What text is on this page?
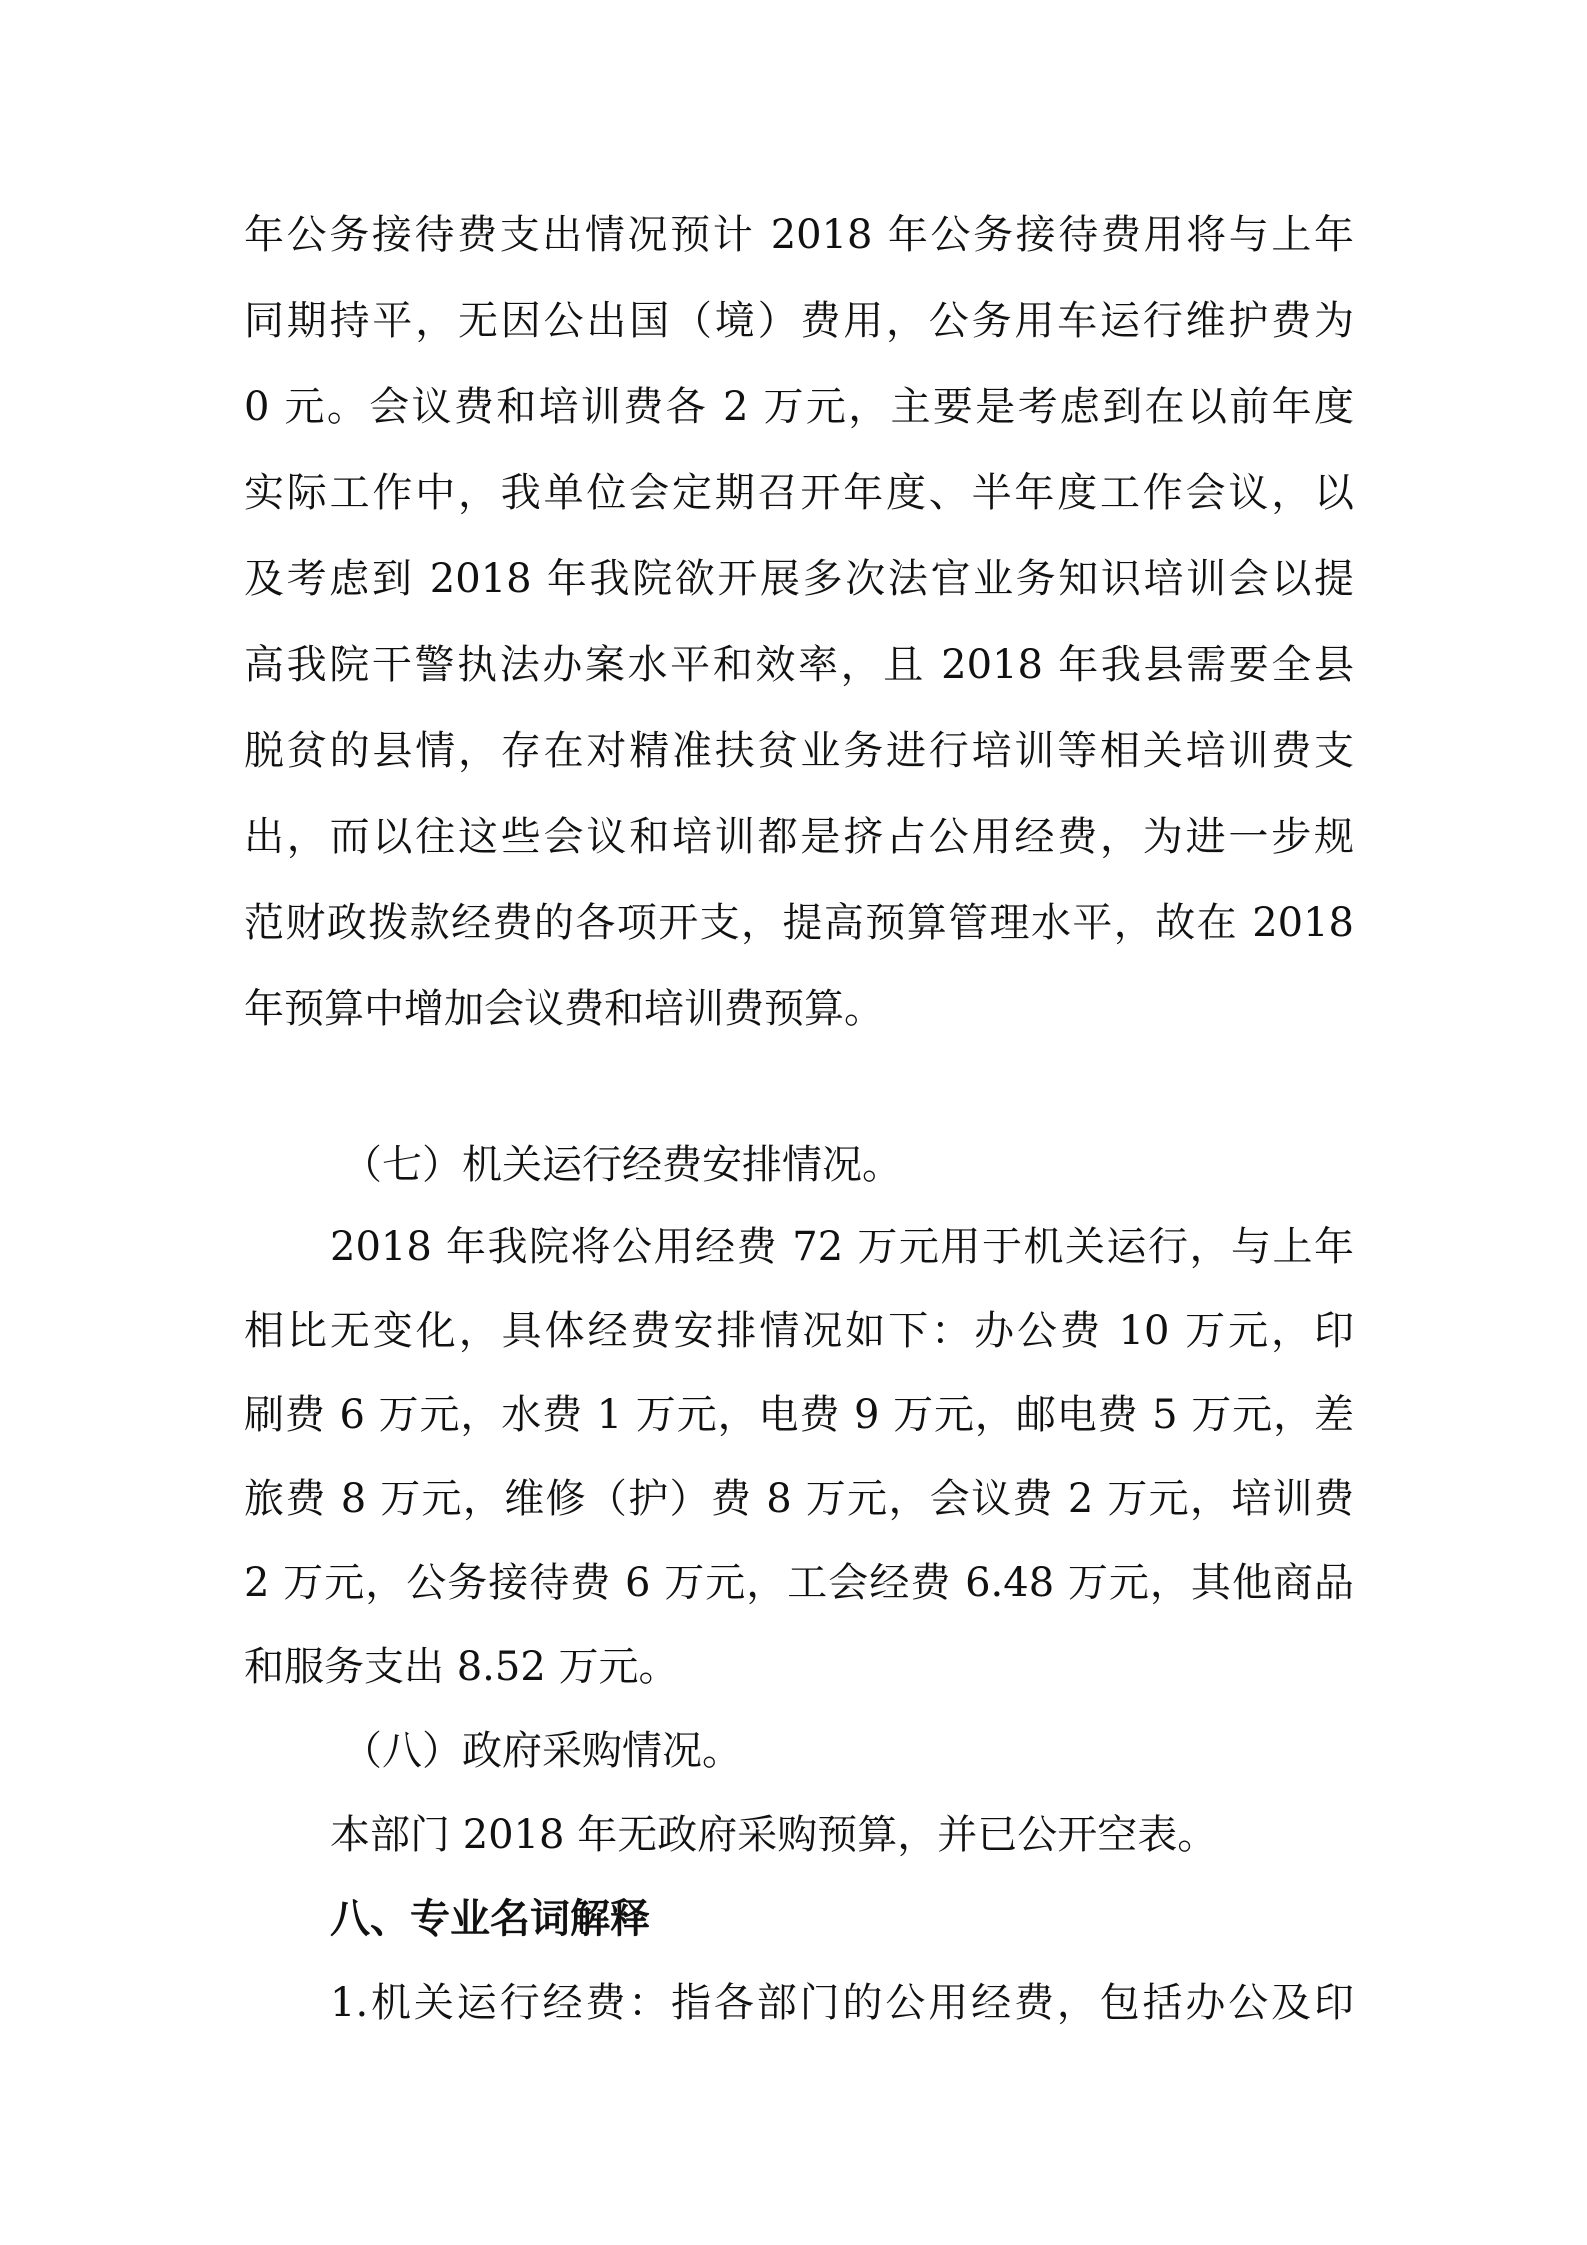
年公务接待费支出情况预计 2018 年公务接待费用将与上年
同期持平，无因公出国（境）费用，公务用车运行维护费为
0 元。会议费和培训费各 2 万元，主要是考虑到在以前年度
实际工作中，我单位会定期召开年度、半年度工作会议，以
及考虑到 2018 年我院欲开展多次法官业务知识培训会以提
高我院干警执法办案水平和效率，且 2018 年我县需要全县
脱贫的县情，存在对精准扶贫业务进行培训等相关培训费支
出，而以往这些会议和培训都是挤占公用经费，为进一步规
范财政拨款经费的各项开支，提高预算管理水平，故在 2018
年预算中增加会议费和培训费预算。
（七）机关运行经费安排情况。
2018 年我院将公用经费 72 万元用于机关运行，与上年
相比无变化，具体经费安排情况如下：办公费 10 万元，印
刷费 6 万元，水费 1 万元，电费 9 万元，邮电费 5 万元，差
旅费 8 万元，维修（护）费 8 万元，会议费 2 万元，培训费
2 万元，公务接待费 6 万元，工会经费 6.48 万元，其他商品
和服务支出 8.52 万元。
（八）政府采购情况。
本部门 2018 年无政府采购预算，并已公开空表。
八、专业名词解释
1.机关运行经费：指各部门的公用经费，包括办公及印
